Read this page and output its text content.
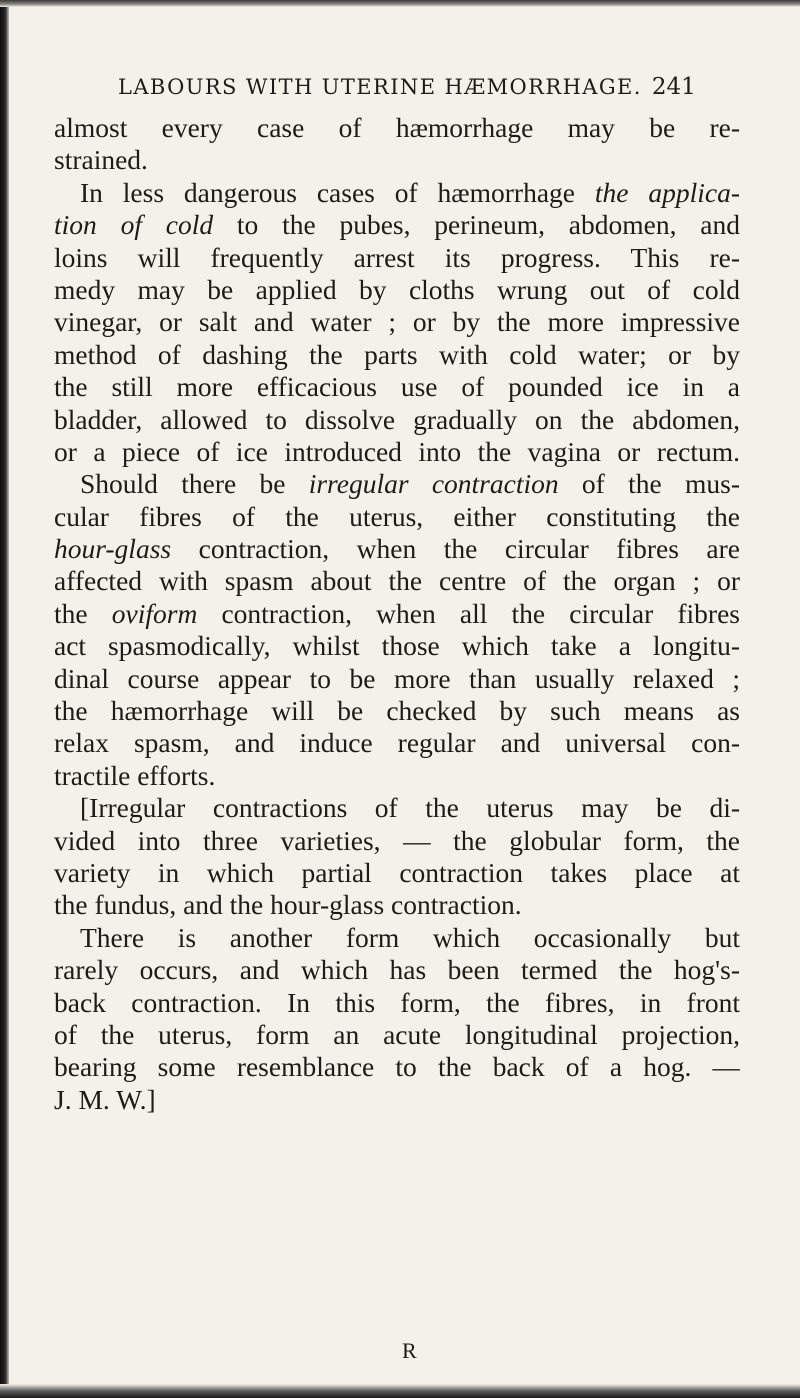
LABOURS WITH UTERINE HÆMORRHAGE. 241
almost every case of hæmorrhage may be re-
strained.
In less dangerous cases of hæmorrhage the applica-
tion of cold to the pubes, perineum, abdomen, and
loins will frequently arrest its progress. This re-
medy may be applied by cloths wrung out of cold
vinegar, or salt and water ; or by the more impressive
method of dashing the parts with cold water; or by
the still more efficacious use of pounded ice in a
bladder, allowed to dissolve gradually on the abdomen,
or a piece of ice introduced into the vagina or rectum.
Should there be irregular contraction of the mus-
cular fibres of the uterus, either constituting the
hour-glass contraction, when the circular fibres are
affected with spasm about the centre of the organ ; or
the oviform contraction, when all the circular fibres
act spasmodically, whilst those which take a longitu-
dinal course appear to be more than usually relaxed ;
the hæmorrhage will be checked by such means as
relax spasm, and induce regular and universal con-
tractile efforts.
[Irregular contractions of the uterus may be di-
vided into three varieties, — the globular form, the
variety in which partial contraction takes place at
the fundus, and the hour-glass contraction.
There is another form which occasionally but
rarely occurs, and which has been termed the hog's-
back contraction. In this form, the fibres, in front
of the uterus, form an acute longitudinal projection,
bearing some resemblance to the back of a hog. —
J. M. W.]
R
